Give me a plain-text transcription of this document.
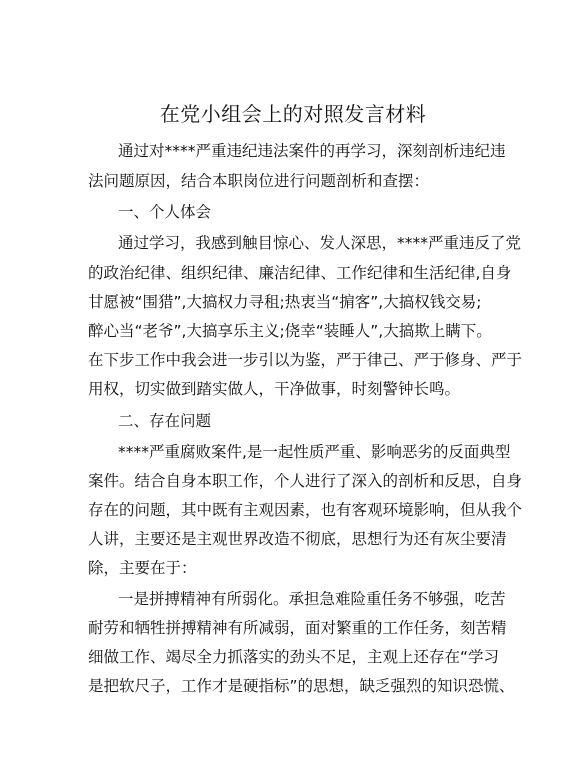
在党小组会上的对照发言材料
通过对****严重违纪违法案件的再学习，深刻剖析违纪违
法问题原因，结合本职岗位进行问题剖析和查摆：
一、个人体会
通过学习，我感到触目惊心、发人深思，****严重违反了党
的政治纪律、组织纪律、廉洁纪律、工作纪律和生活纪律,自身
甘愿被“围猎”,大搞权力寻租;热衷当“掮客”,大搞权钱交易;
醉心当“老爷”,大搞享乐主义;侥幸“装睡人”,大搞欺上瞒下。
在下步工作中我会进一步引以为鉴，严于律己、严于修身、严于
用权，切实做到踏实做人，干净做事，时刻警钟长鸣。
二、存在问题
****严重腐败案件,是一起性质严重、影响恶劣的反面典型
案件。结合自身本职工作，个人进行了深入的剖析和反思，自身
存在的问题，其中既有主观因素，也有客观环境影响，但从我个
人讲，主要还是主观世界改造不彻底，思想行为还有灰尘要清
除，主要在于：
一是拼搏精神有所弱化。承担急难险重任务不够强，吃苦
耐劳和牺牲拼搏精神有所减弱，面对繁重的工作任务，刻苦精
细做工作、竭尽全力抓落实的劲头不足，主观上还存在“学习
是把软尺子，工作才是硬指标”的思想，缺乏强烈的知识恐慌、
